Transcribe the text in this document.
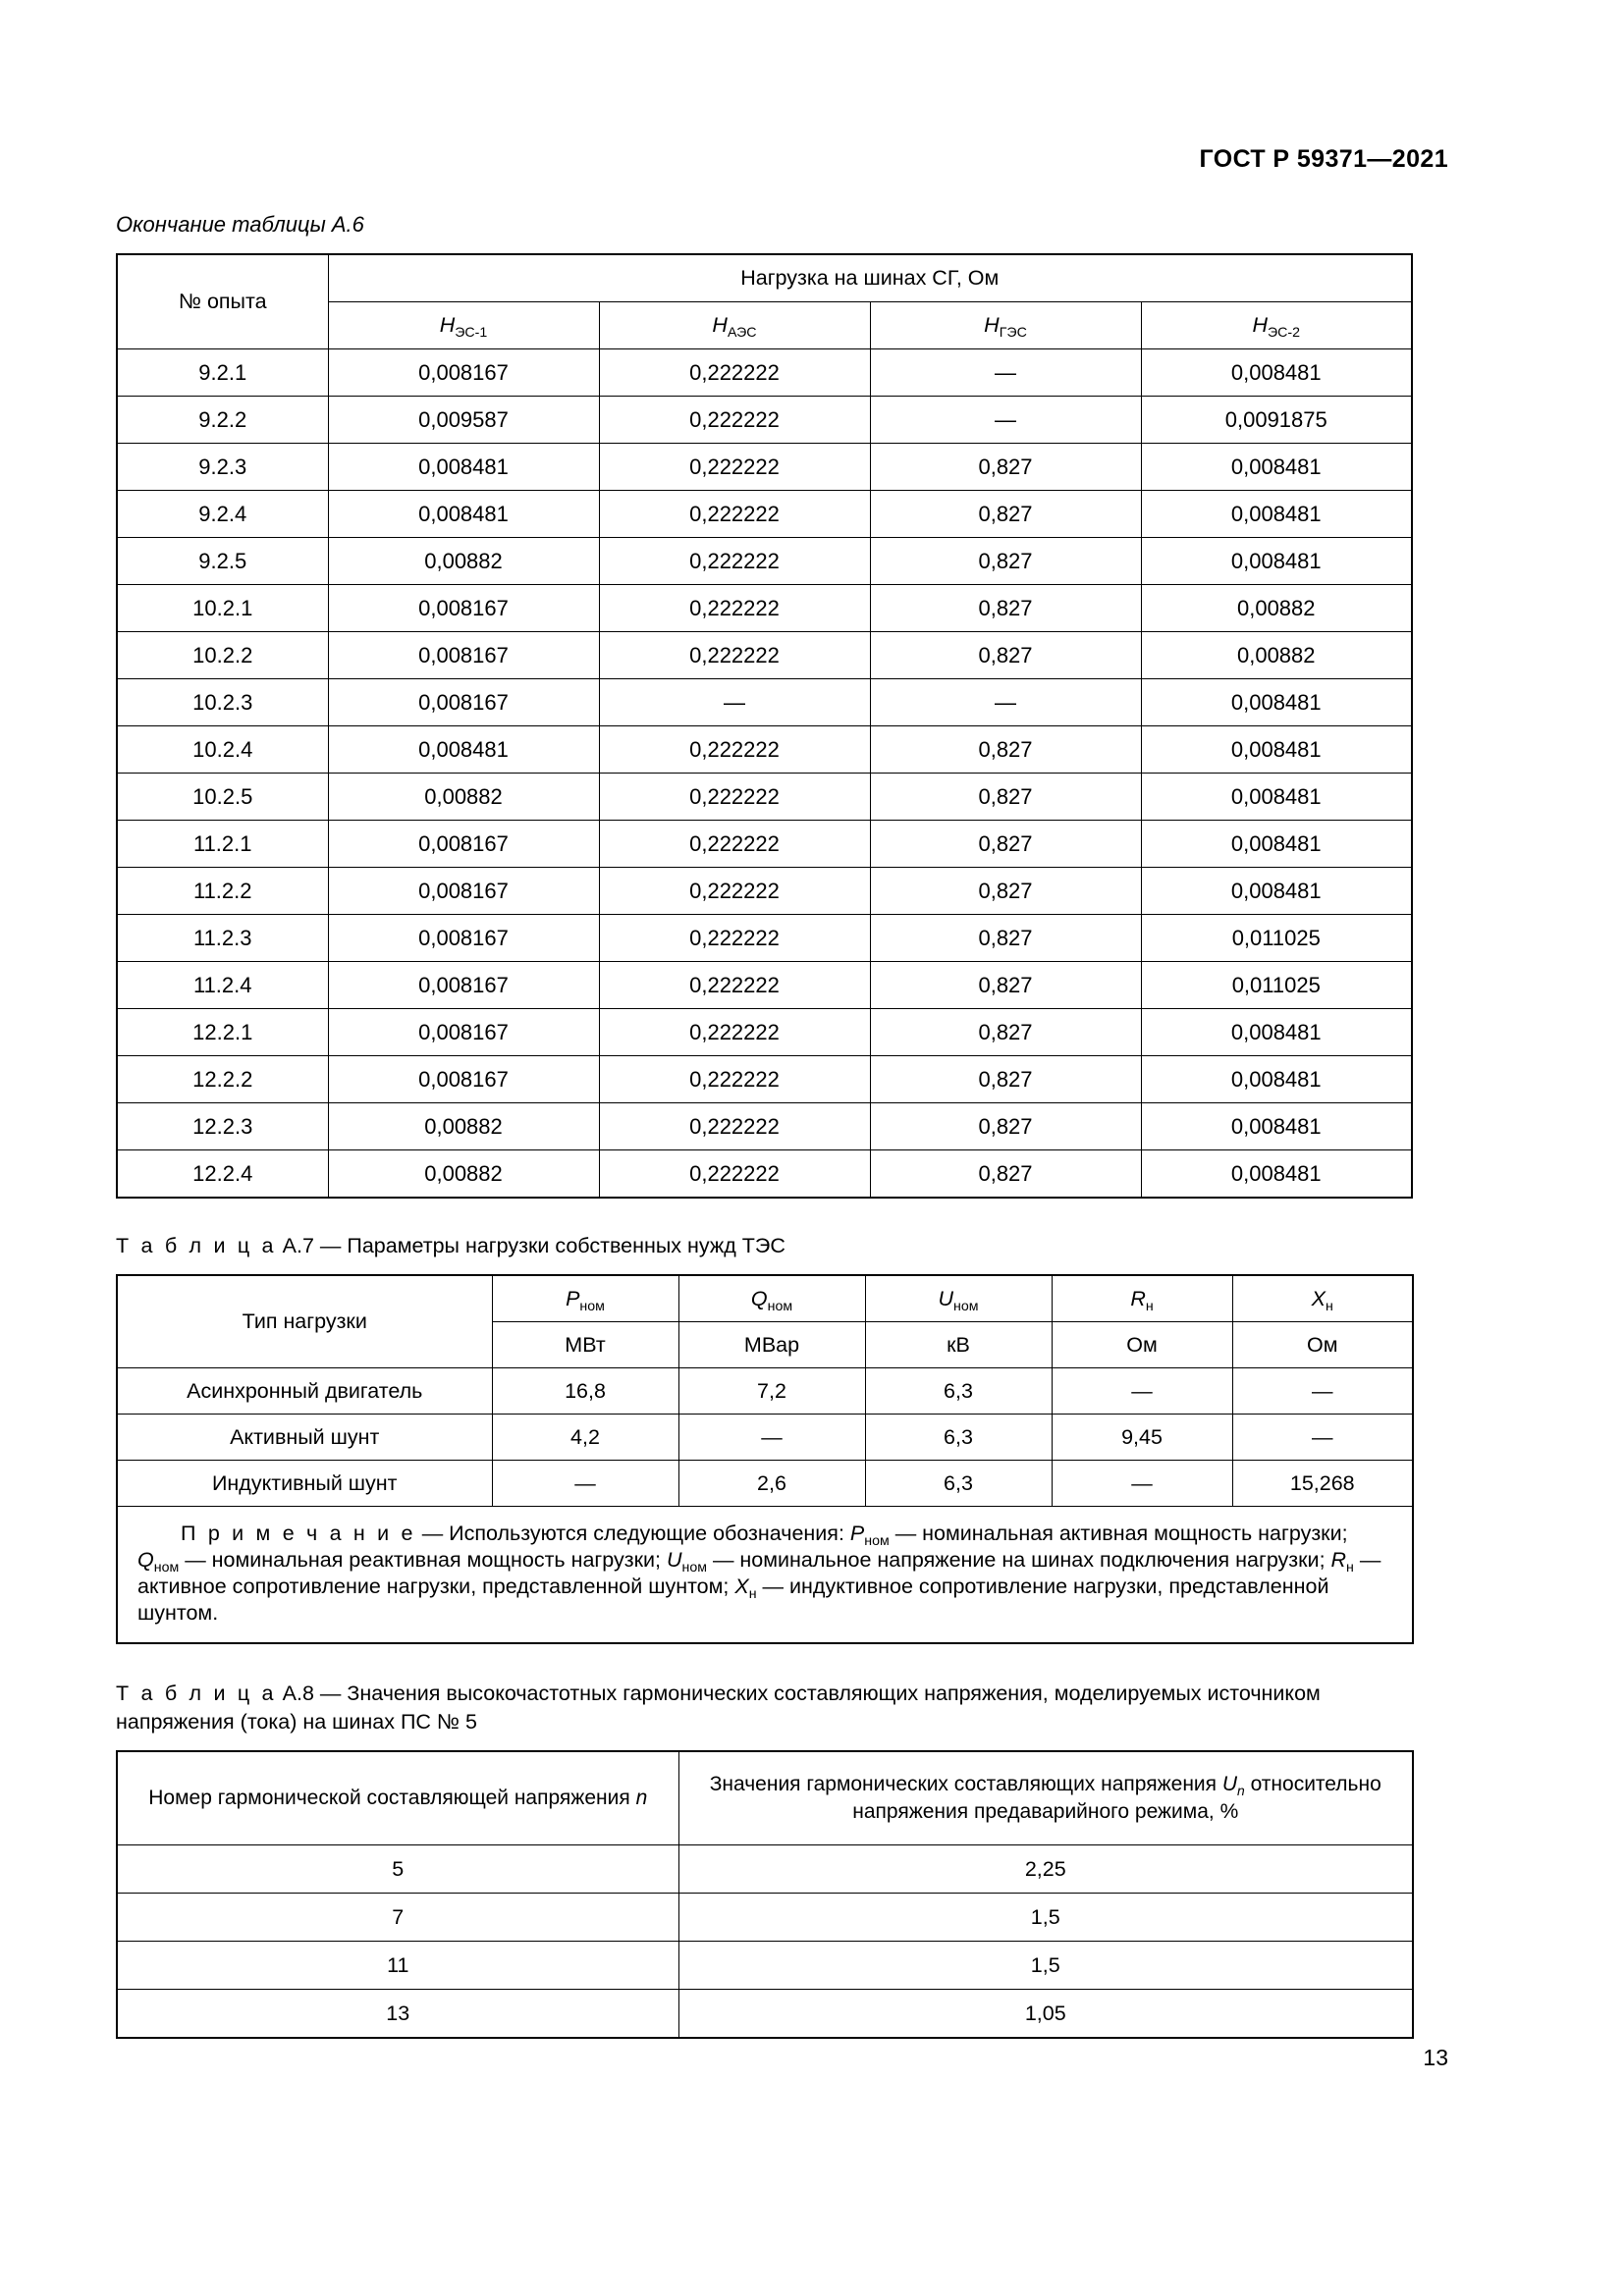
ГОСТ Р 59371—2021
Окончание таблицы А.6
№ опыта	Нагрузка на шинах СГ, Ом			
	$H_{ЭС-1}$	$H_{АЭС}$	$H_{ГЭС}$	$H_{ЭС-2}$
9.2.1	0,008167	0,222222	—	0,008481
9.2.2	0,009587	0,222222	—	0,0091875
9.2.3	0,008481	0,222222	0,827	0,008481
9.2.4	0,008481	0,222222	0,827	0,008481
9.2.5	0,00882	0,222222	0,827	0,008481
10.2.1	0,008167	0,222222	0,827	0,00882
10.2.2	0,008167	0,222222	0,827	0,00882
10.2.3	0,008167	—	—	0,008481
10.2.4	0,008481	0,222222	0,827	0,008481
10.2.5	0,00882	0,222222	0,827	0,008481
11.2.1	0,008167	0,222222	0,827	0,008481
11.2.2	0,008167	0,222222	0,827	0,008481
11.2.3	0,008167	0,222222	0,827	0,011025
11.2.4	0,008167	0,222222	0,827	0,011025
12.2.1	0,008167	0,222222	0,827	0,008481
12.2.2	0,008167	0,222222	0,827	0,008481
12.2.3	0,00882	0,222222	0,827	0,008481
12.2.4	0,00882	0,222222	0,827	0,008481
Т а б л и ц а А.7 — Параметры нагрузки собственных нужд ТЭС
Тип нагрузки	$P_{ном}$	$Q_{ном}$	$U_{ном}$	$R_н$	$X_н$
	МВт	МВар	кВ	Ом	Ом
Асинхронный двигатель	16,8	7,2	6,3	—	—
Активный шунт	4,2	—	6,3	9,45	—
Индуктивный шунт	—	2,6	6,3	—	15,268

П р и м е ч а н и е — Используются следующие обозначения: $P_{ном}$ — номинальная активная мощность нагрузки; $Q_{ном}$ — номинальная реактивная мощность нагрузки; $U_{ном}$ — номинальное напряжение на шинах подключения нагрузки; $R_н$ — активное сопротивление нагрузки, представленной шунтом; $X_н$ — индуктивное сопротивление нагрузки, представленной шунтом.					

Т а б л и ц а А.8 — Значения высокочастотных гармонических составляющих напряжения, моделируемых источником напряжения (тока) на шинах ПС № 5
Номер гармонической составляющей напряжения n	Значения гармонических составляющих напряжения $U_n$ относительно напряжения предаварийного режима, %
5	2,25
7	1,5
11	1,5
13	1,05
13
